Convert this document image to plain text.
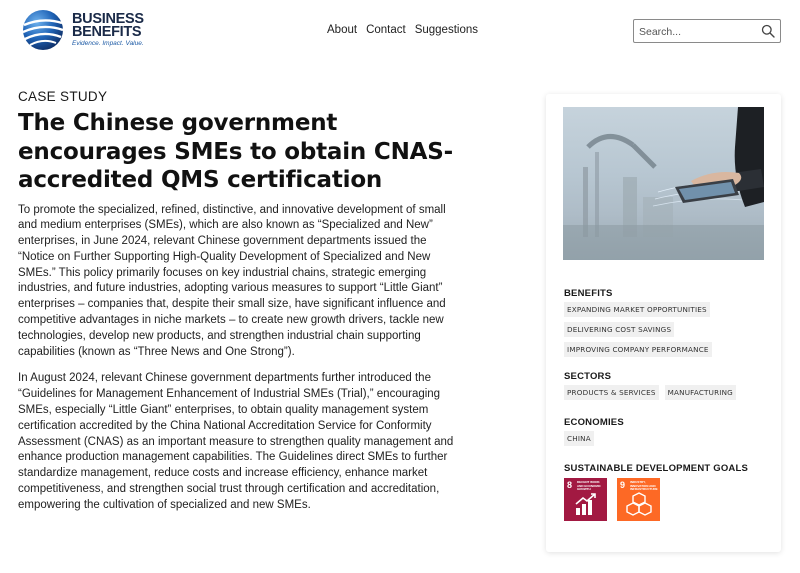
BUSINESS
BENEFITS
Evidence. Impact. Value.
About Contact Suggestions
Search...
CASE STUDY
The Chinese government encourages SMEs to obtain CNAS-accredited QMS certification

To promote the specialized, refined, distinctive, and innovative development of small and medium enterprises (SMEs), which are also known as “Specialized and New” enterprises, in June 2024, relevant Chinese government departments issued the “Notice on Further Supporting High-Quality Development of Specialized and New SMEs.” This policy primarily focuses on key industrial chains, strategic emerging industries, and future industries, adopting various measures to support “Little Giant” enterprises – companies that, despite their small size, have significant influence and competitive advantages in niche markets – to create new growth drivers, tackle new technologies, develop new products, and strengthen industrial chain supporting capabilities (known as “Three News and One Strong”).

In August 2024, relevant Chinese government departments further introduced the “Guidelines for Management Enhancement of Industrial SMEs (Trial),” encouraging SMEs, especially “Little Giant” enterprises, to obtain quality management system certification accredited by the China National Accreditation Service for Conformity Assessment (CNAS) as an important measure to strengthen quality management and enhance production management capabilities. The Guidelines direct SMEs to further standardize management, reduce costs and increase efficiency, enhance market competitiveness, and strengthen social trust through certification and accreditation, empowering the cultivation of specialized and new SMEs.

BENEFITS
EXPANDING MARKET OPPORTUNITIES
DELIVERING COST SAVINGS
IMPROVING COMPANY PERFORMANCE
SECTORS
PRODUCTS & SERVICES	MANUFACTURING
ECONOMIES
CHINA
SUSTAINABLE DEVELOPMENT GOALS
8 DECENT WORK AND ECONOMIC GROWTH	9 INDUSTRY, INNOVATION AND INFRASTRUCTURE
